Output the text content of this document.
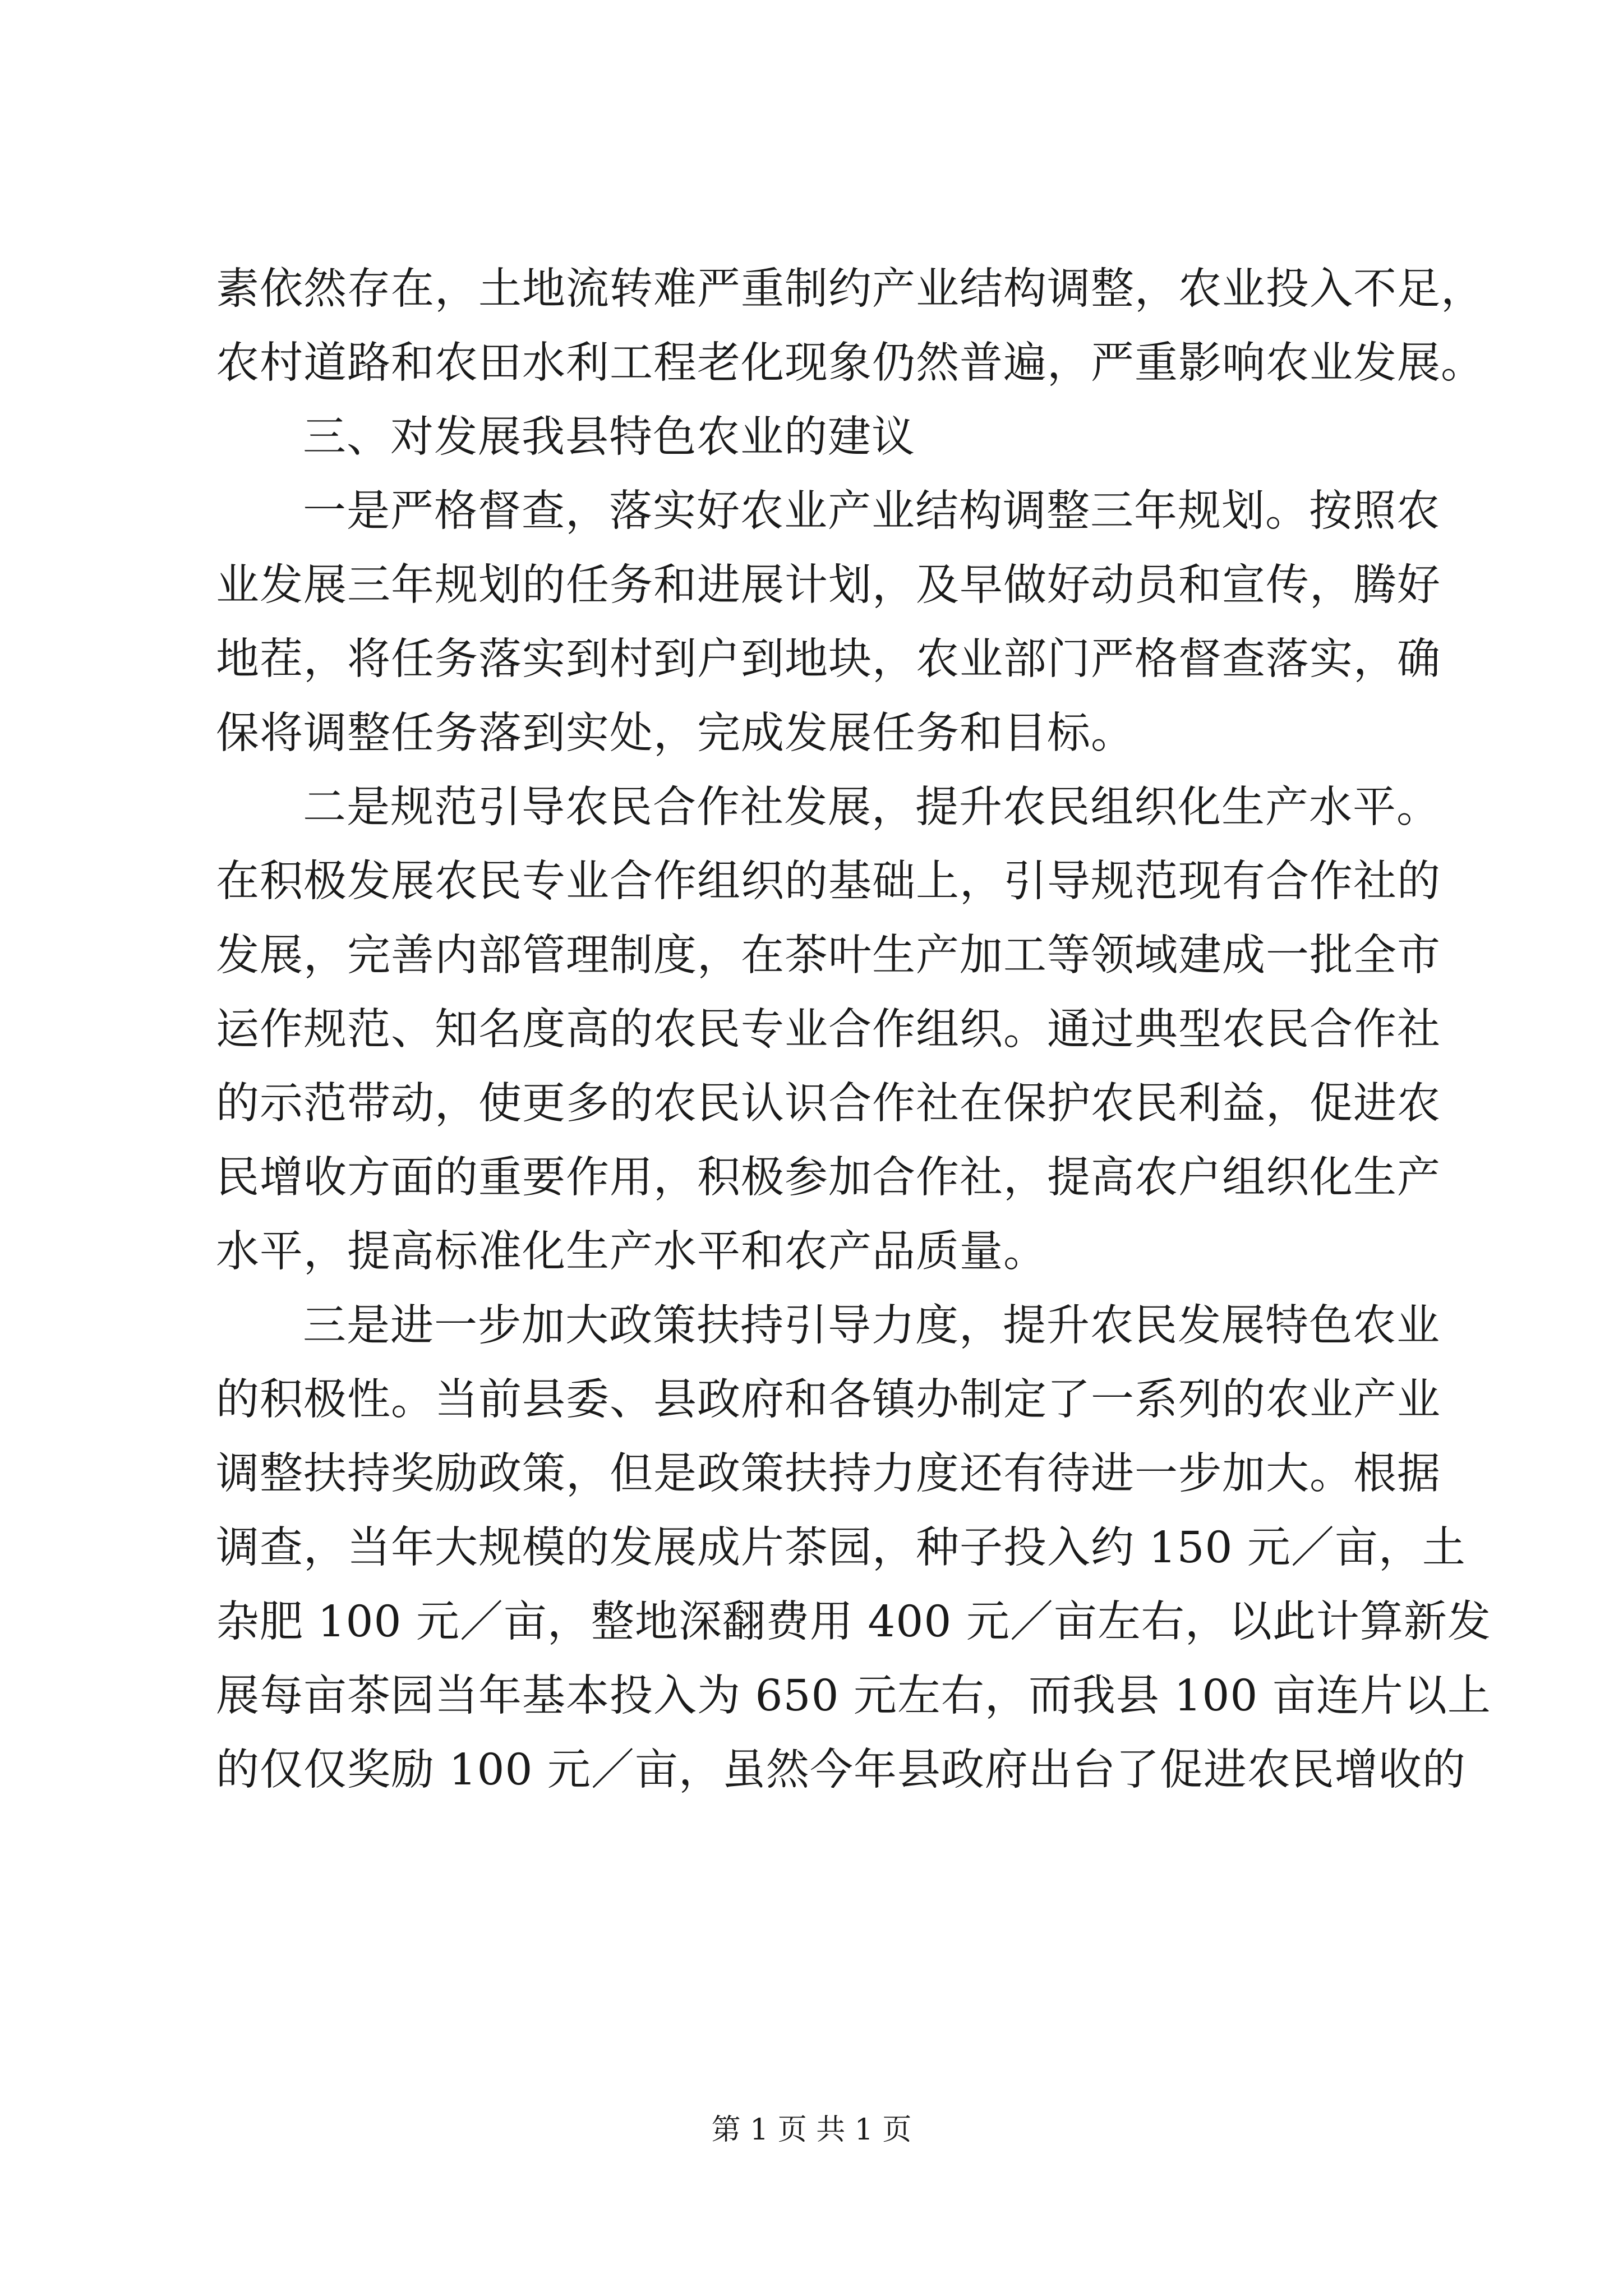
素依然存在，土地流转难严重制约产业结构调整，农业投入不足，
农村道路和农田水利工程老化现象仍然普遍，严重影响农业发展。
三、对发展我县特色农业的建议
一是严格督查，落实好农业产业结构调整三年规划。按照农
业发展三年规划的任务和进展计划，及早做好动员和宣传，腾好
地茬，将任务落实到村到户到地块，农业部门严格督查落实，确
保将调整任务落到实处，完成发展任务和目标。
二是规范引导农民合作社发展，提升农民组织化生产水平。
在积极发展农民专业合作组织的基础上，引导规范现有合作社的
发展，完善内部管理制度，在茶叶生产加工等领域建成一批全市
运作规范、知名度高的农民专业合作组织。通过典型农民合作社
的示范带动，使更多的农民认识合作社在保护农民利益，促进农
民增收方面的重要作用，积极参加合作社，提高农户组织化生产
水平，提高标准化生产水平和农产品质量。
三是进一步加大政策扶持引导力度，提升农民发展特色农业
的积极性。当前县委、县政府和各镇办制定了一系列的农业产业
调整扶持奖励政策，但是政策扶持力度还有待进一步加大。根据
调查，当年大规模的发展成片茶园，种子投入约 150 元／亩，土
杂肥 100 元／亩，整地深翻费用 400 元／亩左右，以此计算新发
展每亩茶园当年基本投入为 650 元左右，而我县 100 亩连片以上
的仅仅奖励 100 元／亩，虽然今年县政府出台了促进农民增收的
第 1 页 共 1 页
